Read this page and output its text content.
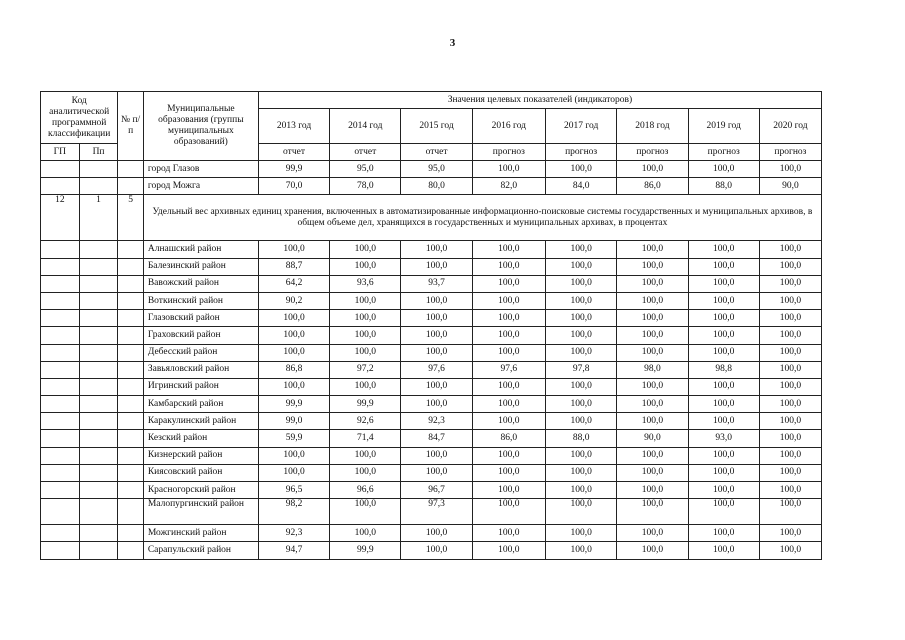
3
Код аналитической программной классификации		№ п/п	Муниципальные образования (группы муниципальных образований)	Значения целевых показателей (индикаторов)							
				2013 год	2014 год	2015 год	2016 год	2017 год	2018 год	2019 год	2020 год
ГП	Пп			отчет	отчет	отчет	прогноз	прогноз	прогноз	прогноз	прогноз
			город Глазов	99,9	95,0	95,0	100,0	100,0	100,0	100,0	100,0
			город Можга	70,0	78,0	80,0	82,0	84,0	86,0	88,0	90,0
12	1	5	Удельный вес архивных единиц хранения, включенных в автоматизированные информационно-поисковые системы государственных и муниципальных архивов, в общем объеме дел, хранящихся в государственных и муниципальных архивах, в процентах								
			Алнашский район	100,0	100,0	100,0	100,0	100,0	100,0	100,0	100,0
			Балезинский район	88,7	100,0	100,0	100,0	100,0	100,0	100,0	100,0
			Вавожский район	64,2	93,6	93,7	100,0	100,0	100,0	100,0	100,0
			Воткинский район	90,2	100,0	100,0	100,0	100,0	100,0	100,0	100,0
			Глазовский район	100,0	100,0	100,0	100,0	100,0	100,0	100,0	100,0
			Граховский район	100,0	100,0	100,0	100,0	100,0	100,0	100,0	100,0
			Дебесский район	100,0	100,0	100,0	100,0	100,0	100,0	100,0	100,0
			Завьяловский район	86,8	97,2	97,6	97,6	97,8	98,0	98,8	100,0
			Игринский район	100,0	100,0	100,0	100,0	100,0	100,0	100,0	100,0
			Камбарский район	99,9	99,9	100,0	100,0	100,0	100,0	100,0	100,0
			Каракулинский район	99,0	92,6	92,3	100,0	100,0	100,0	100,0	100,0
			Кезский район	59,9	71,4	84,7	86,0	88,0	90,0	93,0	100,0
			Кизнерский район	100,0	100,0	100,0	100,0	100,0	100,0	100,0	100,0
			Киясовский район	100,0	100,0	100,0	100,0	100,0	100,0	100,0	100,0
			Красногорский район	96,5	96,6	96,7	100,0	100,0	100,0	100,0	100,0
			Малопургинский район	98,2	100,0	97,3	100,0	100,0	100,0	100,0	100,0
			Можгинский район	92,3	100,0	100,0	100,0	100,0	100,0	100,0	100,0
			Сарапульский район	94,7	99,9	100,0	100,0	100,0	100,0	100,0	100,0
